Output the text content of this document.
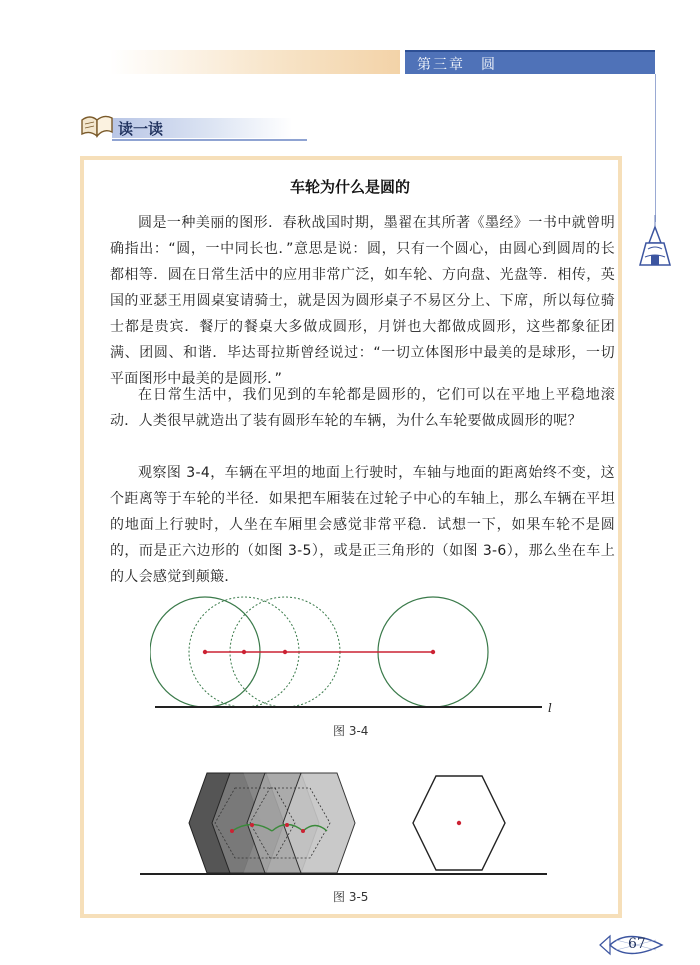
第三章　圆
读一读
车轮为什么是圆的

圆是一种美丽的图形．春秋战国时期，墨翟在其所著《墨经》一书中就曾明确指出：“圆，一中同长也．”意思是说：圆，只有一个圆心，由圆心到圆周的长都相等．圆在日常生活中的应用非常广泛，如车轮、方向盘、光盘等．相传，英国的亚瑟王用圆桌宴请骑士，就是因为圆形桌子不易区分上、下席，所以每位骑士都是贵宾．餐厅的餐桌大多做成圆形，月饼也大都做成圆形，这些都象征团满、团圆、和谐．毕达哥拉斯曾经说过：“一切立体图形中最美的是球形，一切平面图形中最美的是圆形．”

在日常生活中，我们见到的车轮都是圆形的，它们可以在平地上平稳地滚动．人类很早就造出了装有圆形车轮的车辆，为什么车轮要做成圆形的呢？

观察图 3-4，车辆在平坦的地面上行驶时，车轴与地面的距离始终不变，这个距离等于车轮的半径．如果把车厢装在过轮子中心的车轴上，那么车辆在平坦的地面上行驶时，人坐在车厢里会感觉非常平稳．试想一下，如果车轮不是圆的，而是正六边形的（如图 3-5），或是正三角形的（如图 3-6），那么坐在车上的人会感觉到颠簸．

l
图 3-4
图 3-5
67
